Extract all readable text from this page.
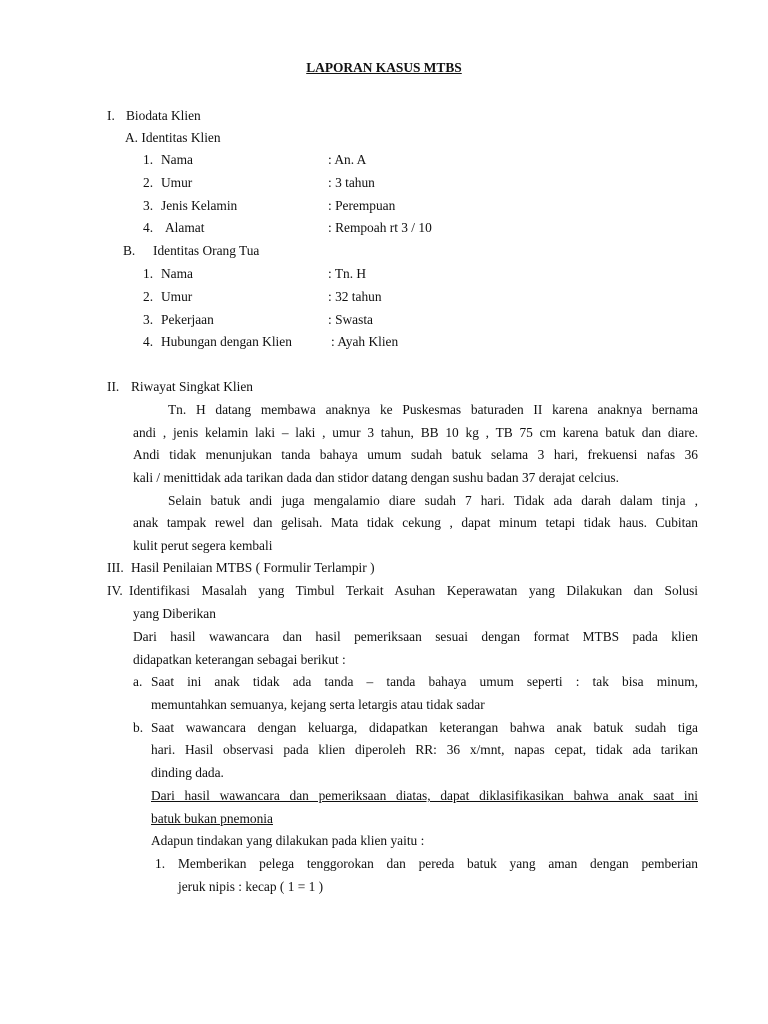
LAPORAN KASUS MTBS
I. Biodata Klien
A. Identitas Klien
1. Nama	: An. A
2. Umur	: 3 tahun
3. Jenis Kelamin	: Perempuan
4. Alamat	: Rempoah rt 3 / 10
B. Identitas Orang Tua
1. Nama	: Tn. H
2. Umur	: 32 tahun
3. Pekerjaan	: Swasta
4. Hubungan dengan Klien	: Ayah Klien
II. Riwayat Singkat Klien
Tn. H datang membawa anaknya ke Puskesmas baturaden II karena anaknya bernama
andi , jenis kelamin laki – laki , umur 3 tahun, BB 10 kg , TB 75 cm karena batuk dan diare.
Andi tidak menunjukan tanda bahaya umum sudah batuk selama 3 hari, frekuensi nafas 36
kali / menittidak ada tarikan dada dan stidor datang dengan sushu badan 37 derajat celcius.
Selain batuk andi juga mengalamio diare sudah 7 hari. Tidak ada darah dalam tinja ,
anak tampak rewel dan gelisah. Mata tidak cekung , dapat minum tetapi tidak haus. Cubitan
kulit perut segera kembali
III. Hasil Penilaian MTBS ( Formulir Terlampir )
IV. Identifikasi Masalah yang Timbul Terkait Asuhan Keperawatan yang Dilakukan dan Solusi
yang Diberikan
Dari hasil wawancara dan hasil pemeriksaan sesuai dengan format MTBS pada klien
didapatkan keterangan sebagai berikut :
a. Saat ini anak tidak ada tanda – tanda bahaya umum seperti : tak bisa minum,
memuntahkan semuanya, kejang serta letargis atau tidak sadar
b. Saat wawancara dengan keluarga, didapatkan keterangan bahwa anak batuk sudah tiga
hari. Hasil observasi pada klien diperoleh RR: 36 x/mnt, napas cepat, tidak ada tarikan
dinding dada.
Dari hasil wawancara dan pemeriksaan diatas, dapat diklasifikasikan bahwa anak saat ini
batuk bukan pnemonia
Adapun tindakan yang dilakukan pada klien yaitu :
1. Memberikan pelega tenggorokan dan pereda batuk yang aman dengan pemberian
jeruk nipis : kecap ( 1 = 1 )
